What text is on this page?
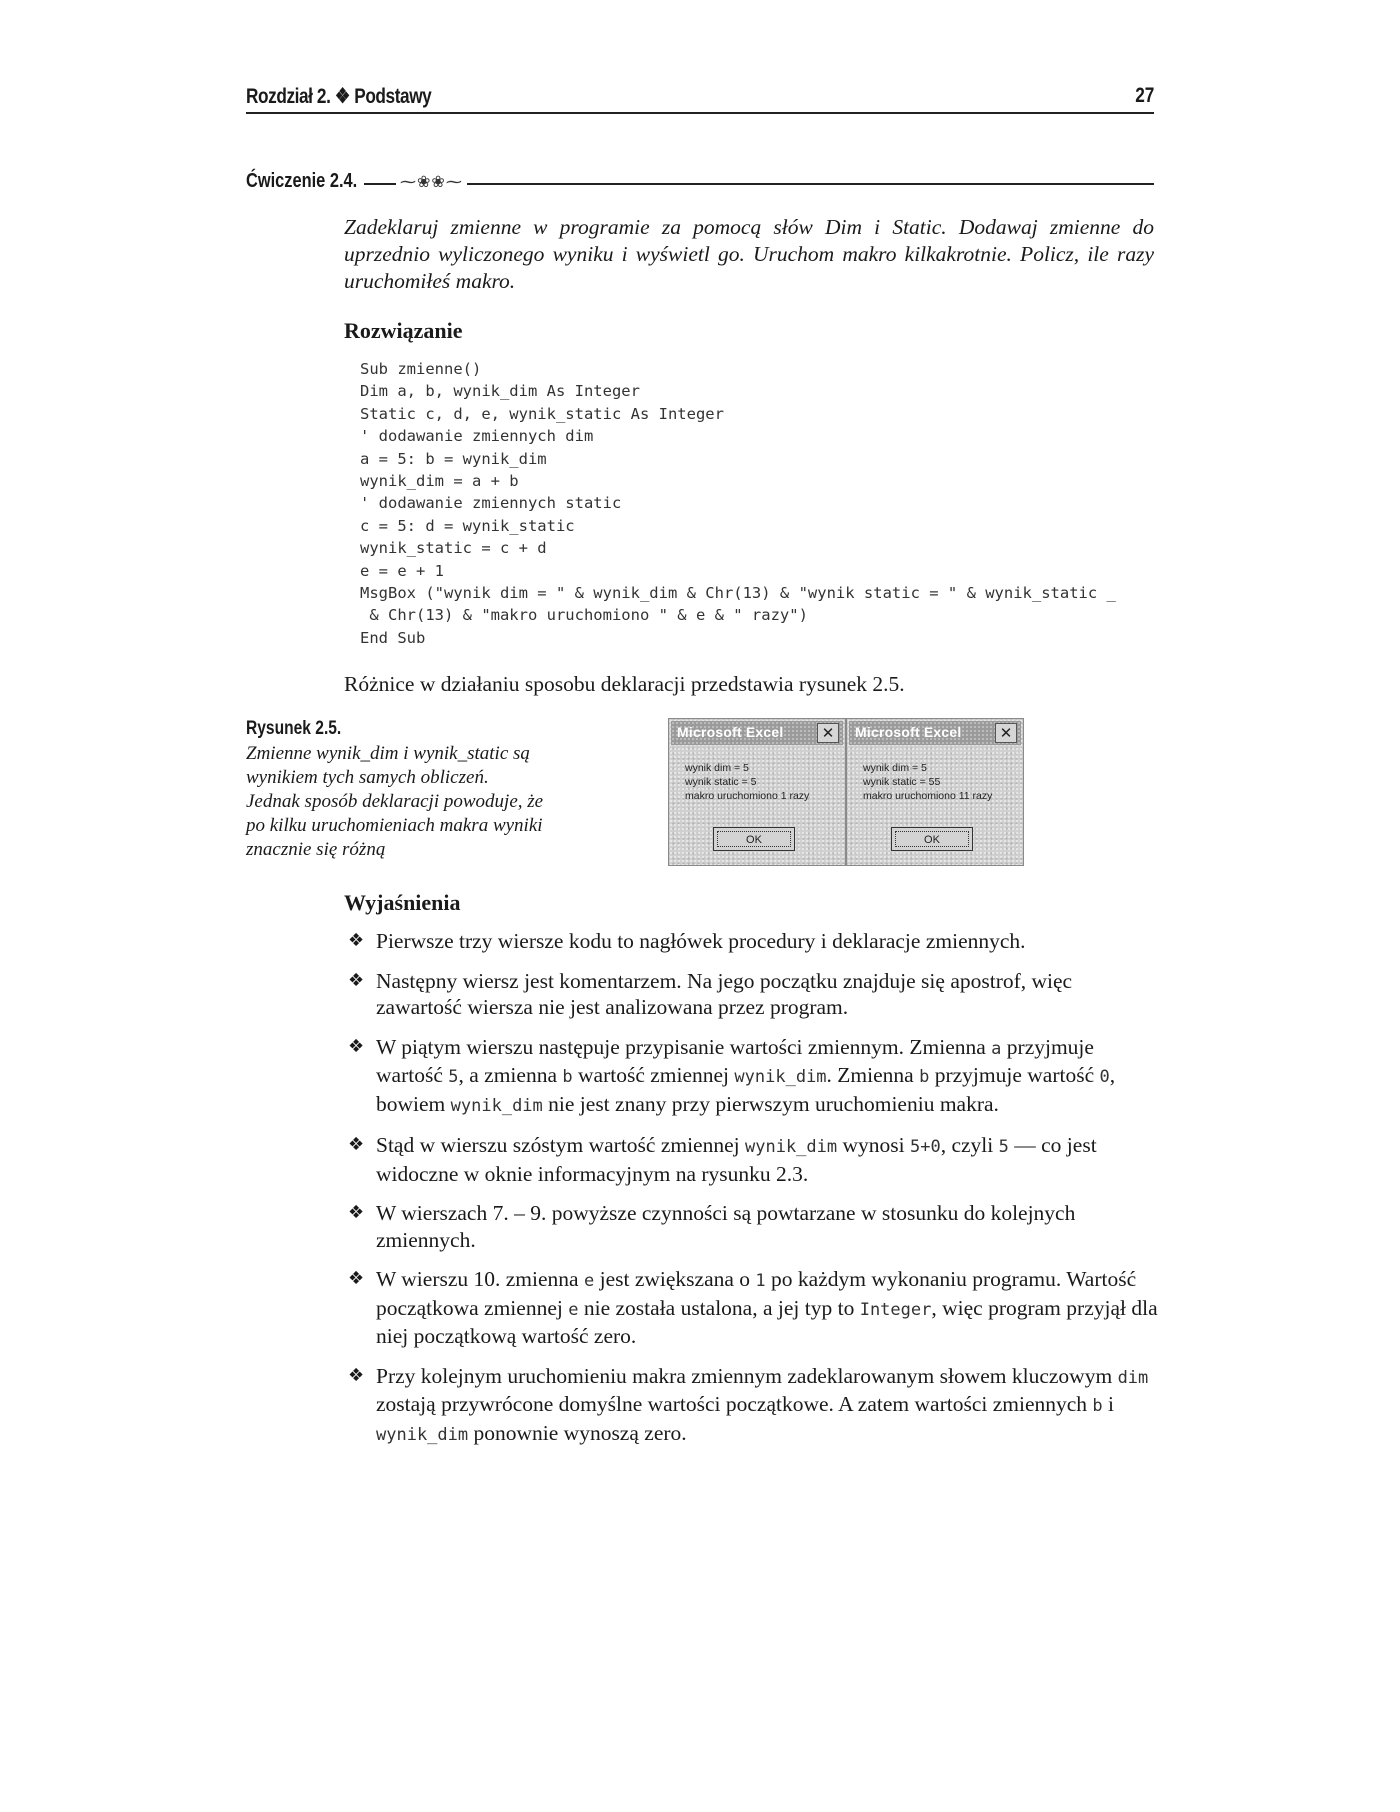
Rozdział 2. ❖ Podstawy	27
Ćwiczenie 2.4.	⁓❀❀⁓
Zadeklaruj zmienne w programie za pomocą słów Dim i Static. Dodawaj zmienne do uprzednio wyliczonego wyniku i wyświetl go. Uruchom makro kilkakrotnie. Policz, ile razy uruchomiłeś makro.
Rozwiązanie
Sub zmienne()
Dim a, b, wynik_dim As Integer
Static c, d, e, wynik_static As Integer
' dodawanie zmiennych dim
a = 5: b = wynik_dim
wynik_dim = a + b
' dodawanie zmiennych static
c = 5: d = wynik_static
wynik_static = c + d
e = e + 1
MsgBox ("wynik dim = " & wynik_dim & Chr(13) & "wynik static = " & wynik_static _
& Chr(13) & "makro uruchomiono " & e & " razy")
End Sub
Różnice w działaniu sposobu deklaracji przedstawia rysunek 2.5.
Rysunek 2.5.
Zmienne wynik_dim i wynik_static są wynikiem tych samych obliczeń. Jednak sposób deklaracji powoduje, że po kilku uruchomieniach makra wyniki znacznie się różną
Microsoft Excel	✕
wynik dim = 5
wynik static = 5
makro uruchomiono 1 razy
OK
Microsoft Excel	✕
wynik dim = 5
wynik static = 55
makro uruchomiono 11 razy
OK
Wyjaśnienia
❖ Pierwsze trzy wiersze kodu to nagłówek procedury i deklaracje zmiennych.
❖ Następny wiersz jest komentarzem. Na jego początku znajduje się apostrof, więc zawartość wiersza nie jest analizowana przez program.
❖ W piątym wierszu następuje przypisanie wartości zmiennym. Zmienna a przyjmuje wartość 5, a zmienna b wartość zmiennej wynik_dim. Zmienna b przyjmuje wartość 0, bowiem wynik_dim nie jest znany przy pierwszym uruchomieniu makra.
❖ Stąd w wierszu szóstym wartość zmiennej wynik_dim wynosi 5+0, czyli 5 — co jest widoczne w oknie informacyjnym na rysunku 2.3.
❖ W wierszach 7. – 9. powyższe czynności są powtarzane w stosunku do kolejnych zmiennych.
❖ W wierszu 10. zmienna e jest zwiększana o 1 po każdym wykonaniu programu. Wartość początkowa zmiennej e nie została ustalona, a jej typ to Integer, więc program przyjął dla niej początkową wartość zero.
❖ Przy kolejnym uruchomieniu makra zmiennym zadeklarowanym słowem kluczowym dim zostają przywrócone domyślne wartości początkowe. A zatem wartości zmiennych b i wynik_dim ponownie wynoszą zero.
